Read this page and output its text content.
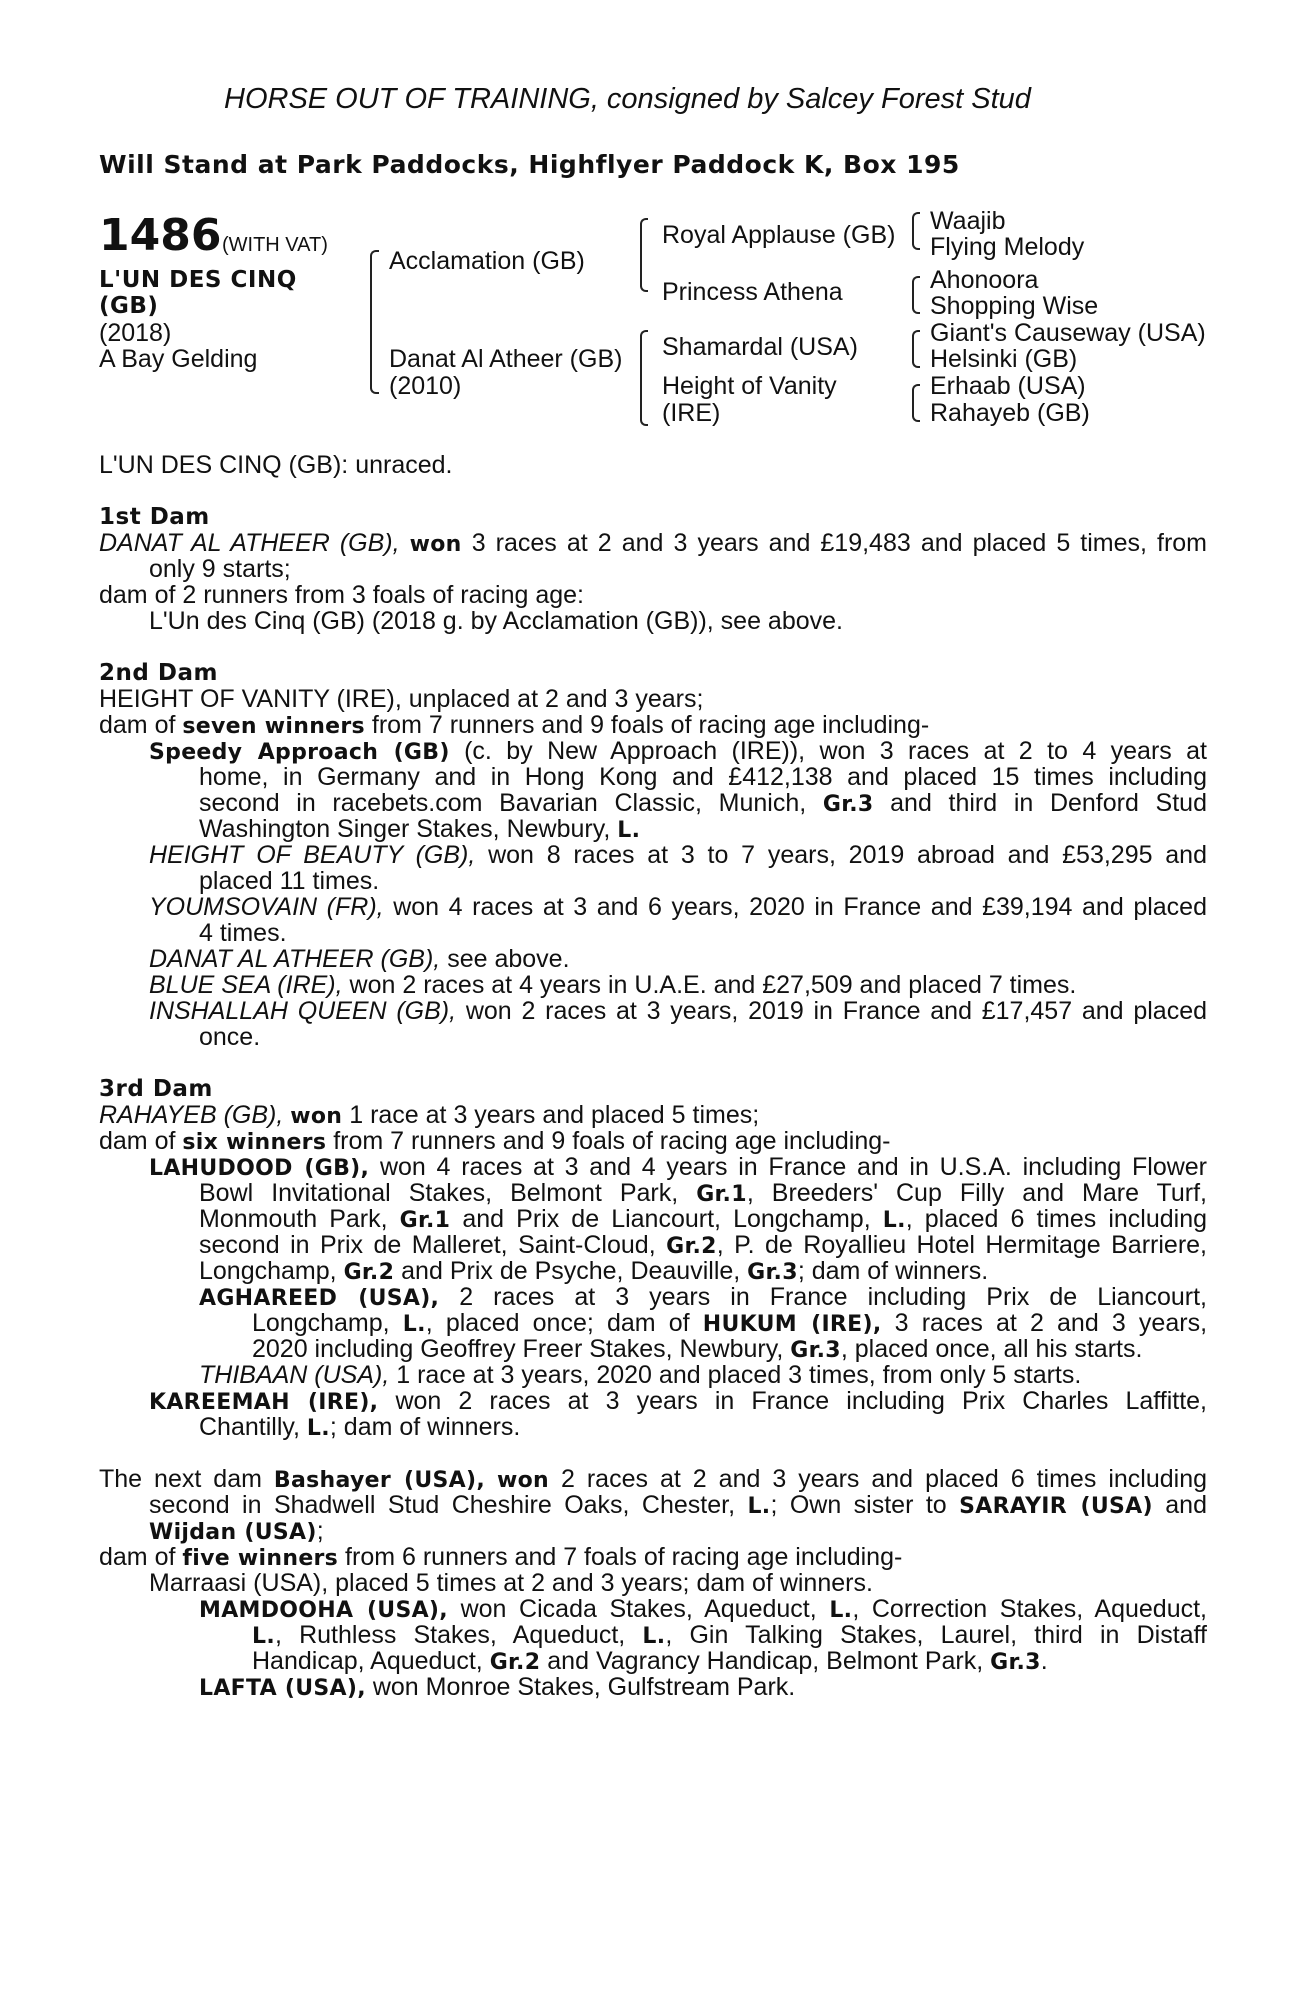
HORSE OUT OF TRAINING, consigned by Salcey Forest Stud
Will Stand at Park Paddocks, Highflyer Paddock K, Box 195
1486 (WITH VAT)
L'UN DES CINQ
(GB)
(2018)
A Bay Gelding
Acclamation (GB)
Danat Al Atheer (GB)
(2010)
Royal Applause (GB)
Princess Athena
Shamardal (USA)
Height of Vanity
(IRE)
Waajib
Flying Melody
Ahonoora
Shopping Wise
Giant's Causeway (USA)
Helsinki (GB)
Erhaab (USA)
Rahayeb (GB)
L'UN DES CINQ (GB): unraced.
1st Dam
DANAT AL ATHEER (GB), won 3 races at 2 and 3 years and £19,483 and placed 5 times, from
only 9 starts;
dam of 2 runners from 3 foals of racing age:
L'Un des Cinq (GB) (2018 g. by Acclamation (GB)), see above.
2nd Dam
HEIGHT OF VANITY (IRE), unplaced at 2 and 3 years;
dam of seven winners from 7 runners and 9 foals of racing age including-
Speedy Approach (GB) (c. by New Approach (IRE)), won 3 races at 2 to 4 years at
home, in Germany and in Hong Kong and £412,138 and placed 15 times including
second in racebets.com Bavarian Classic, Munich, Gr.3 and third in Denford Stud
Washington Singer Stakes, Newbury, L.
HEIGHT OF BEAUTY (GB), won 8 races at 3 to 7 years, 2019 abroad and £53,295 and
placed 11 times.
YOUMSOVAIN (FR), won 4 races at 3 and 6 years, 2020 in France and £39,194 and placed
4 times.
DANAT AL ATHEER (GB), see above.
BLUE SEA (IRE), won 2 races at 4 years in U.A.E. and £27,509 and placed 7 times.
INSHALLAH QUEEN (GB), won 2 races at 3 years, 2019 in France and £17,457 and placed
once.
3rd Dam
RAHAYEB (GB), won 1 race at 3 years and placed 5 times;
dam of six winners from 7 runners and 9 foals of racing age including-
LAHUDOOD (GB), won 4 races at 3 and 4 years in France and in U.S.A. including Flower
Bowl Invitational Stakes, Belmont Park, Gr.1, Breeders' Cup Filly and Mare Turf,
Monmouth Park, Gr.1 and Prix de Liancourt, Longchamp, L., placed 6 times including
second in Prix de Malleret, Saint-Cloud, Gr.2, P. de Royallieu Hotel Hermitage Barriere,
Longchamp, Gr.2 and Prix de Psyche, Deauville, Gr.3; dam of winners.
AGHAREED (USA), 2 races at 3 years in France including Prix de Liancourt,
Longchamp, L., placed once; dam of HUKUM (IRE), 3 races at 2 and 3 years,
2020 including Geoffrey Freer Stakes, Newbury, Gr.3, placed once, all his starts.
THIBAAN (USA), 1 race at 3 years, 2020 and placed 3 times, from only 5 starts.
KAREEMAH (IRE), won 2 races at 3 years in France including Prix Charles Laffitte,
Chantilly, L.; dam of winners.
The next dam Bashayer (USA), won 2 races at 2 and 3 years and placed 6 times including
second in Shadwell Stud Cheshire Oaks, Chester, L.; Own sister to SARAYIR (USA) and
Wijdan (USA);
dam of five winners from 6 runners and 7 foals of racing age including-
Marraasi (USA), placed 5 times at 2 and 3 years; dam of winners.
MAMDOOHA (USA), won Cicada Stakes, Aqueduct, L., Correction Stakes, Aqueduct,
L., Ruthless Stakes, Aqueduct, L., Gin Talking Stakes, Laurel, third in Distaff
Handicap, Aqueduct, Gr.2 and Vagrancy Handicap, Belmont Park, Gr.3.
LAFTA (USA), won Monroe Stakes, Gulfstream Park.
